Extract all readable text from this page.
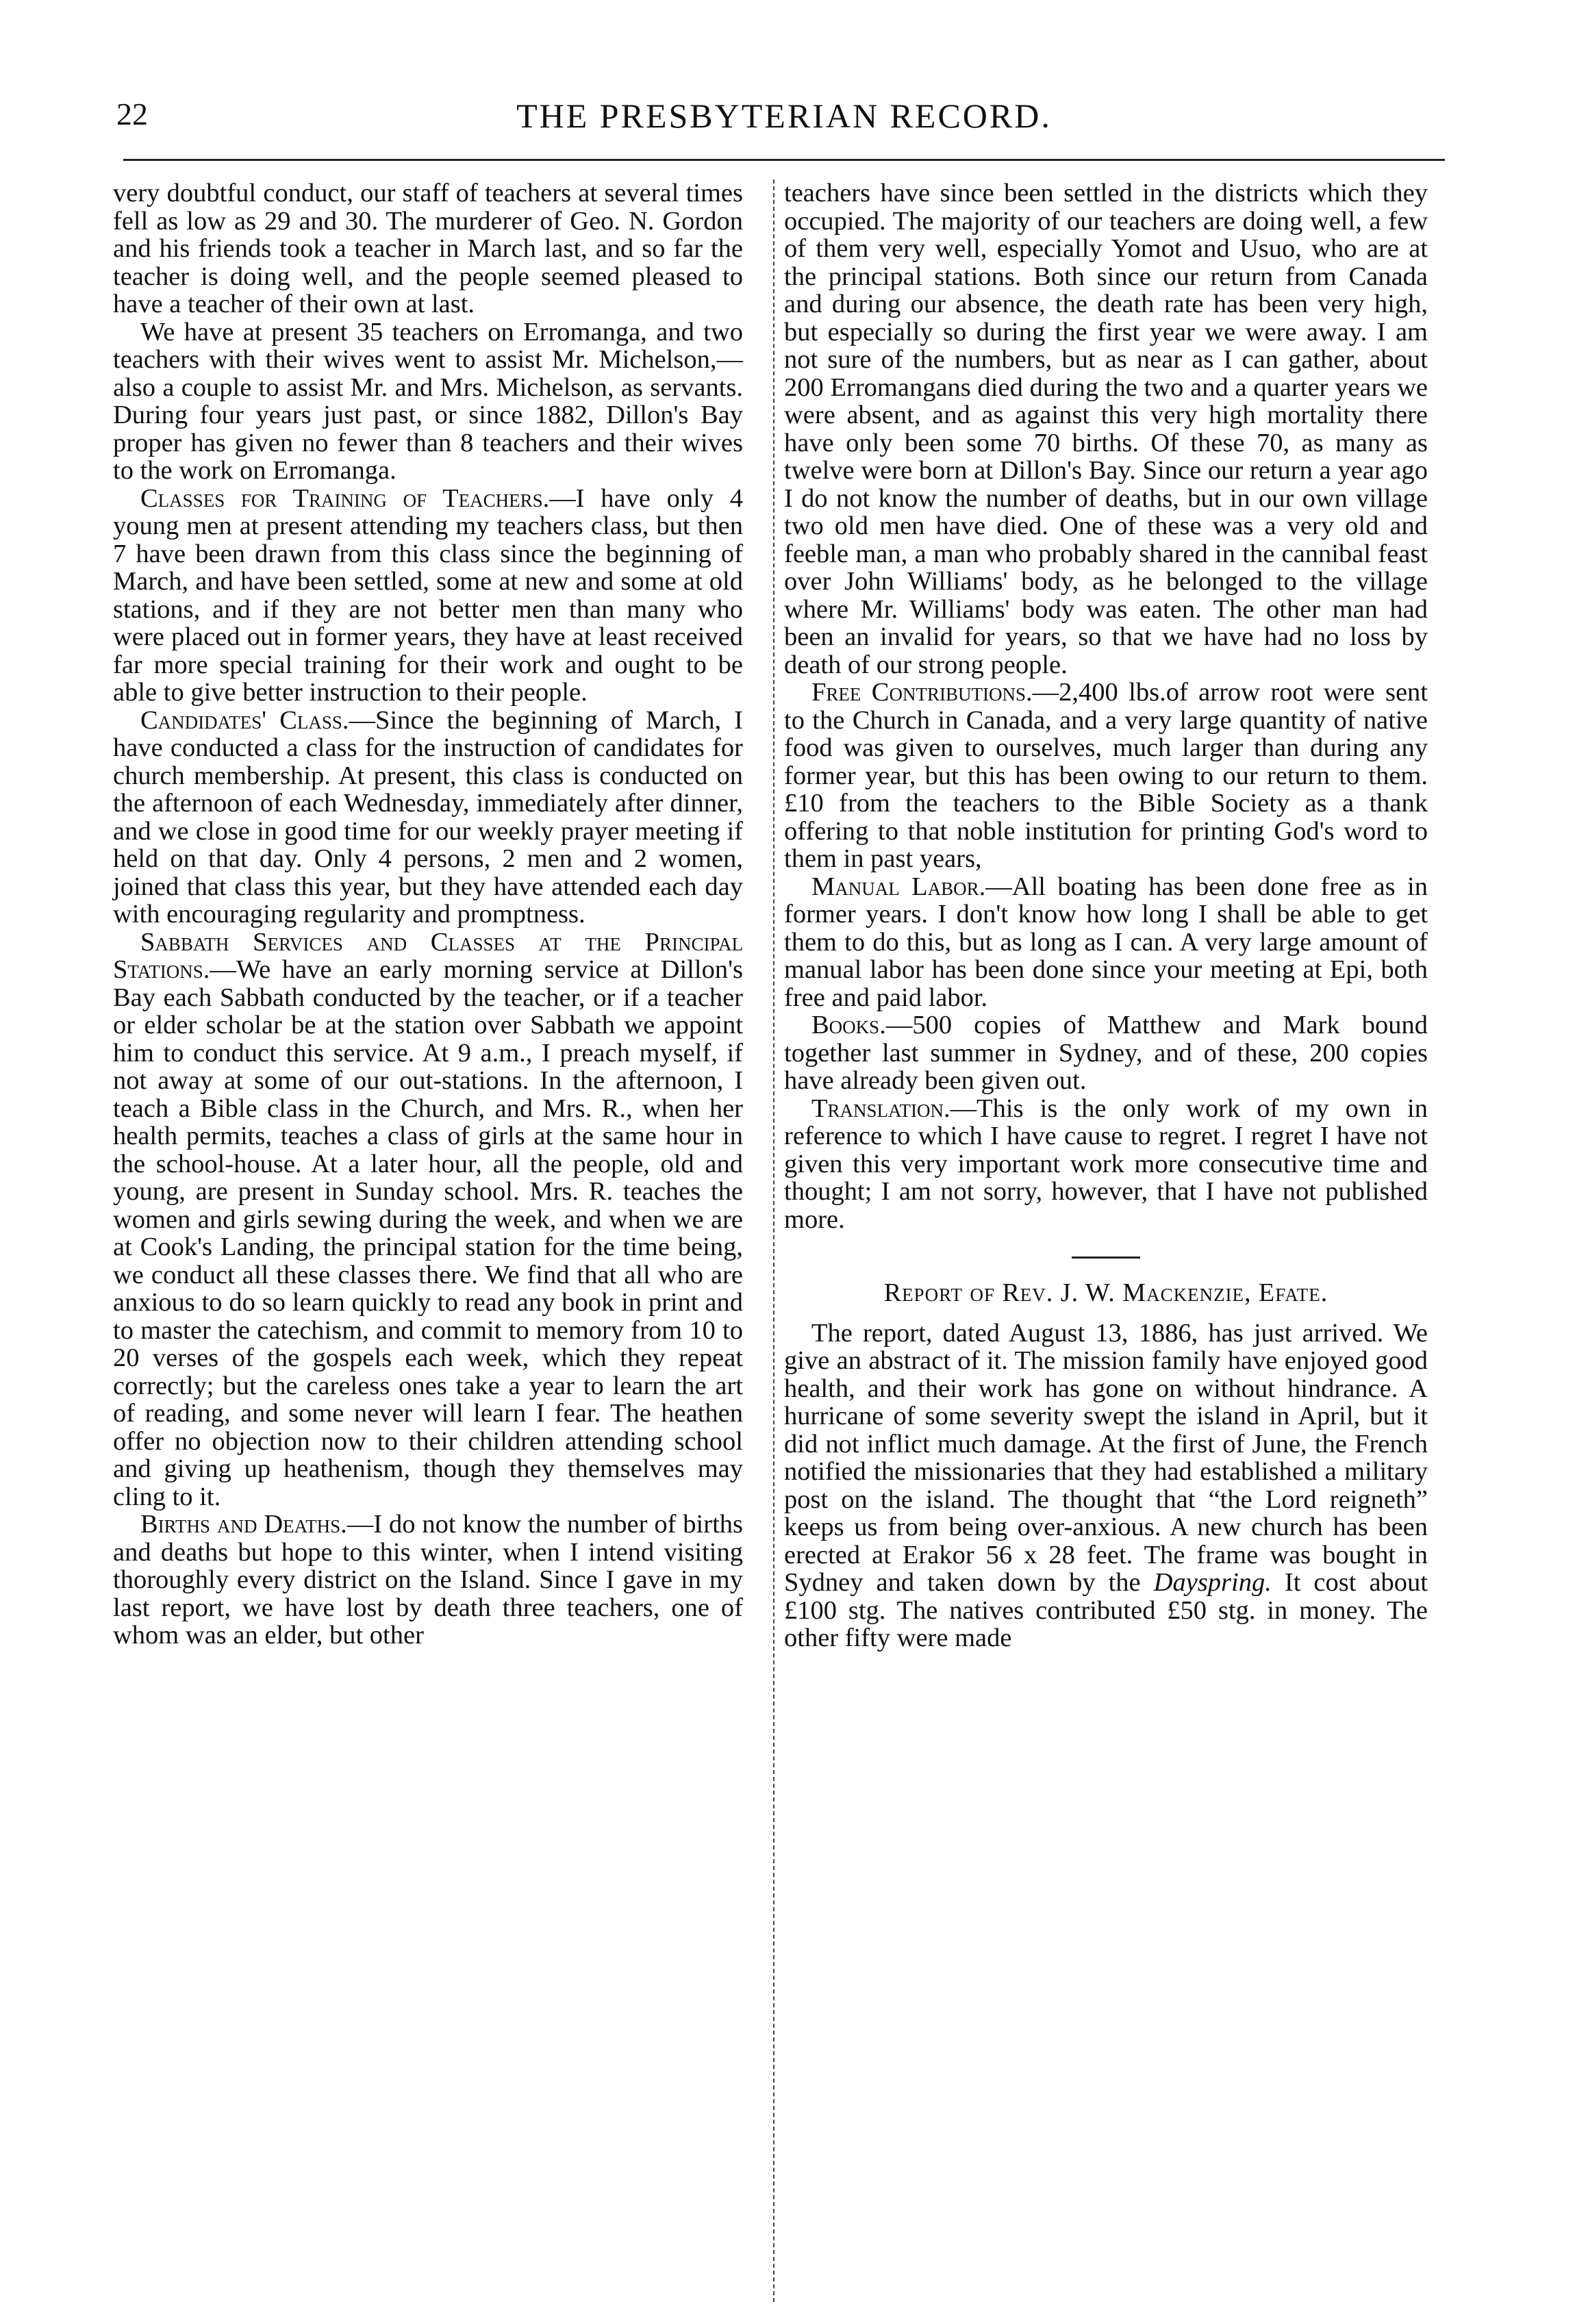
22	THE PRESBYTERIAN RECORD.

very doubtful conduct, our staff of teachers at several times fell as low as 29 and 30. The murderer of Geo. N. Gordon and his friends took a teacher in March last, and so far the teacher is doing well, and the people seemed pleased to have a teacher of their own at last.

We have at present 35 teachers on Erromanga, and two teachers with their wives went to assist Mr. Michelson,—also a couple to assist Mr. and Mrs. Michelson, as servants. During four years just past, or since 1882, Dillon's Bay proper has given no fewer than 8 teachers and their wives to the work on Erromanga.

Classes for Training of Teachers.—I have only 4 young men at present attending my teachers class, but then 7 have been drawn from this class since the beginning of March, and have been settled, some at new and some at old stations, and if they are not better men than many who were placed out in former years, they have at least received far more special training for their work and ought to be able to give better instruction to their people.

Candidates' Class.—Since the beginning of March, I have conducted a class for the instruction of candidates for church membership. At present, this class is conducted on the afternoon of each Wednesday, immediately after dinner, and we close in good time for our weekly prayer meeting if held on that day. Only 4 persons, 2 men and 2 women, joined that class this year, but they have attended each day with encouraging regularity and promptness.

Sabbath Services and Classes at the Principal Stations.—We have an early morning service at Dillon's Bay each Sabbath conducted by the teacher, or if a teacher or elder scholar be at the station over Sabbath we appoint him to conduct this service. At 9 a.m., I preach myself, if not away at some of our out-stations. In the afternoon, I teach a Bible class in the Church, and Mrs. R., when her health permits, teaches a class of girls at the same hour in the school-house. At a later hour, all the people, old and young, are present in Sunday school. Mrs. R. teaches the women and girls sewing during the week, and when we are at Cook's Landing, the principal station for the time being, we conduct all these classes there. We find that all who are anxious to do so learn quickly to read any book in print and to master the catechism, and commit to memory from 10 to 20 verses of the gospels each week, which they repeat correctly; but the careless ones take a year to learn the art of reading, and some never will learn I fear. The heathen offer no objection now to their children attending school and giving up heathenism, though they themselves may cling to it.

Births and Deaths.—I do not know the number of births and deaths but hope to this winter, when I intend visiting thoroughly every district on the Island. Since I gave in my last report, we have lost by death three teachers, one of whom was an elder, but other

teachers have since been settled in the districts which they occupied. The majority of our teachers are doing well, a few of them very well, especially Yomot and Usuo, who are at the principal stations. Both since our return from Canada and during our absence, the death rate has been very high, but especially so during the first year we were away. I am not sure of the numbers, but as near as I can gather, about 200 Erromangans died during the two and a quarter years we were absent, and as against this very high mortality there have only been some 70 births. Of these 70, as many as twelve were born at Dillon's Bay. Since our return a year ago I do not know the number of deaths, but in our own village two old men have died. One of these was a very old and feeble man, a man who probably shared in the cannibal feast over John Williams' body, as he belonged to the village where Mr. Williams' body was eaten. The other man had been an invalid for years, so that we have had no loss by death of our strong people.

Free Contributions.—2,400 lbs.of arrow root were sent to the Church in Canada, and a very large quantity of native food was given to ourselves, much larger than during any former year, but this has been owing to our return to them. £10 from the teachers to the Bible Society as a thank offering to that noble institution for printing God's word to them in past years,

Manual Labor.—All boating has been done free as in former years. I don't know how long I shall be able to get them to do this, but as long as I can. A very large amount of manual labor has been done since your meeting at Epi, both free and paid labor.

Books.—500 copies of Matthew and Mark bound together last summer in Sydney, and of these, 200 copies have already been given out.

Translation.—This is the only work of my own in reference to which I have cause to regret. I regret I have not given this very important work more consecutive time and thought; I am not sorry, however, that I have not published more.

Report of Rev. J. W. Mackenzie, Efate.

The report, dated August 13, 1886, has just arrived. We give an abstract of it. The mission family have enjoyed good health, and their work has gone on without hindrance. A hurricane of some severity swept the island in April, but it did not inflict much damage. At the first of June, the French notified the missionaries that they had established a military post on the island. The thought that “the Lord reigneth” keeps us from being over-anxious. A new church has been erected at Erakor 56 x 28 feet. The frame was bought in Sydney and taken down by the Dayspring. It cost about £100 stg. The natives contributed £50 stg. in money. The other fifty were made
